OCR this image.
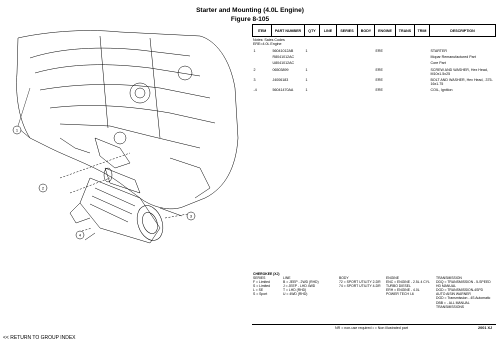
Starter and Mounting (4.0L Engine)
Figure 8-105
1
2
3
4
ITEM	PART NUMBER	QTY	LINE	SERIES	BODY	ENGINE	TRANS	TRIM	DESCRIPTION

1	56041012AB	1				ERE			STARTER

	R8041012AC								Mopar Remanufactured Part

	U8041012AC								Core Part

2	06503899	1				ERE			SCREW AND WASHER, Hex Head, M10x1.5x25

3	J4006183	1				ERE			BOLT AND WASHER, Hex Head, .375-16x1.75

-4	56041470AA	1				ERE			COIL, Ignition
Notes: Sales Codes
ERE=4.0L Engine
CHEROKEE (XJ)
SERIES
F = Limited
S = Limited
L = SE
S = Sport
LINE
B = JEEP - 2WD (RHD)
J = JEEP - LHD 4WD
T = LHD (RHD)
U = 4WD (RHD)
BODY
72 = SPORT UTILITY 2-DR
74 = SPORT UTILITY 4-DR
ENGINE
ENC = ENGINE - 2.5L 4 CYL
TURBO DIESEL
ERH = ENGINE - 4.0L
POWER TECH I-6
TRANSMISSION
DDQ = TRANSMISSION - 5-SPEED
HD MANUAL
DGD = TRANSMISSION-4SPD
AUTO AISIN WARNER
DGD = Transmission - 4S Automatic
DBB = - ALL MANUAL
TRANSMISSIONS
NR = non-use required • = Non illustrated part	2001 XJ
<< RETURN TO GROUP INDEX
